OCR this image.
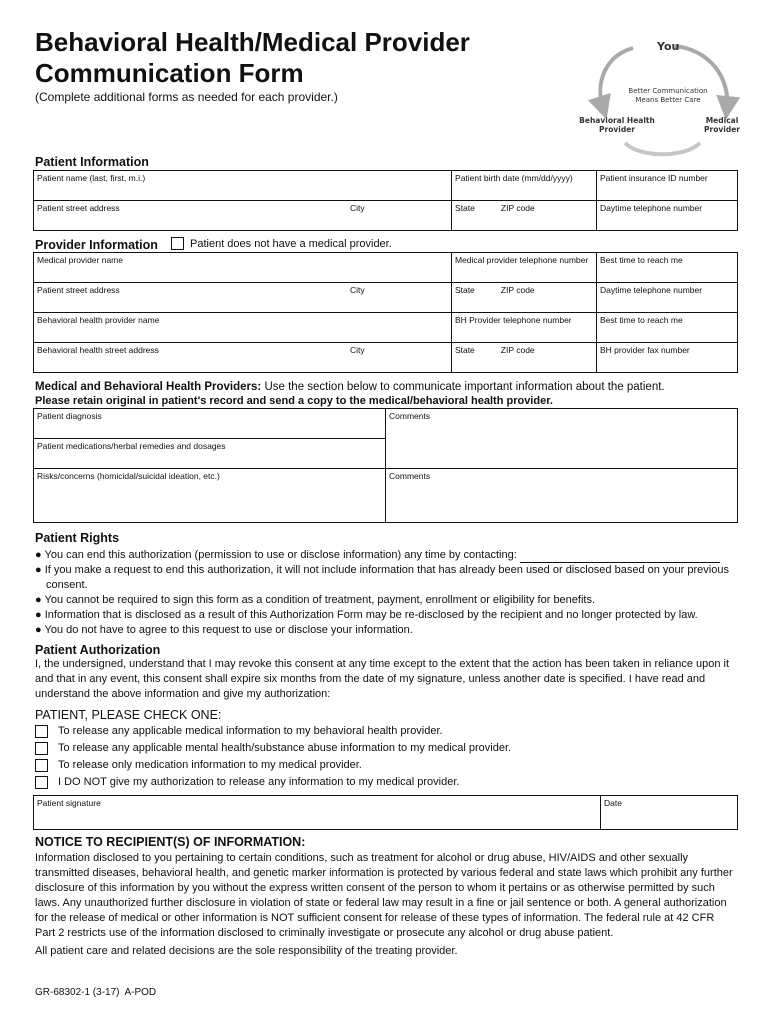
Behavioral Health/Medical Provider
Communication Form
(Complete additional forms as needed for each provider.)
You
Better Communication
Means Better Care
Behavioral Health
Provider
Medical
Provider
Patient Information
Patient name (last, first, m.i.)		Patient birth date (mm/dd/yyyy)	Patient insurance ID number
Patient street address	City	State ZIP code	Daytime telephone number
Provider Information	Patient does not have a medical provider.
Medical provider name		Medical provider telephone number	Best time to reach me
Patient street address	City	State ZIP code	Daytime telephone number
Behavioral health provider name		BH Provider telephone number	Best time to reach me
Behavioral health street address	City	State ZIP code	BH provider fax number
Medical and Behavioral Health Providers: Use the section below to communicate important information about the patient.
Please retain original in patient's record and send a copy to the medical/behavioral health provider.
Patient diagnosis	Comments
Patient medications/herbal remedies and dosages	
Risks/concerns (homicidal/suicidal ideation, etc.)	Comments
Patient Rights
● You can end this authorization (permission to use or disclose information) any time by contacting:
● If you make a request to end this authorization, it will not include information that has already been used or disclosed based on your previous consent.
● You cannot be required to sign this form as a condition of treatment, payment, enrollment or eligibility for benefits.
● Information that is disclosed as a result of this Authorization Form may be re-disclosed by the recipient and no longer protected by law.
● You do not have to agree to this request to use or disclose your information.
Patient Authorization
I, the undersigned, understand that I may revoke this consent at any time except to the extent that the action has been taken in reliance upon it and that in any event, this consent shall expire six months from the date of my signature, unless another date is specified. I have read and understand the above information and give my authorization:
PATIENT, PLEASE CHECK ONE:
To release any applicable medical information to my behavioral health provider.
To release any applicable mental health/substance abuse information to my medical provider.
To release only medication information to my medical provider.
I DO NOT give my authorization to release any information to my medical provider.
Patient signature	Date
NOTICE TO RECIPIENT(S) OF INFORMATION:
Information disclosed to you pertaining to certain conditions, such as treatment for alcohol or drug abuse, HIV/AIDS and other sexually transmitted diseases, behavioral health, and genetic marker information is protected by various federal and state laws which prohibit any further disclosure of this information by you without the express written consent of the person to whom it pertains or as otherwise permitted by such laws. Any unauthorized further disclosure in violation of state or federal law may result in a fine or jail sentence or both. A general authorization for the release of medical or other information is NOT sufficient consent for release of these types of information. The federal rule at 42 CFR Part 2 restricts use of the information disclosed to criminally investigate or prosecute any alcohol or drug abuse patient.
All patient care and related decisions are the sole responsibility of the treating provider.
GR-68302-1 (3-17)  A-POD
